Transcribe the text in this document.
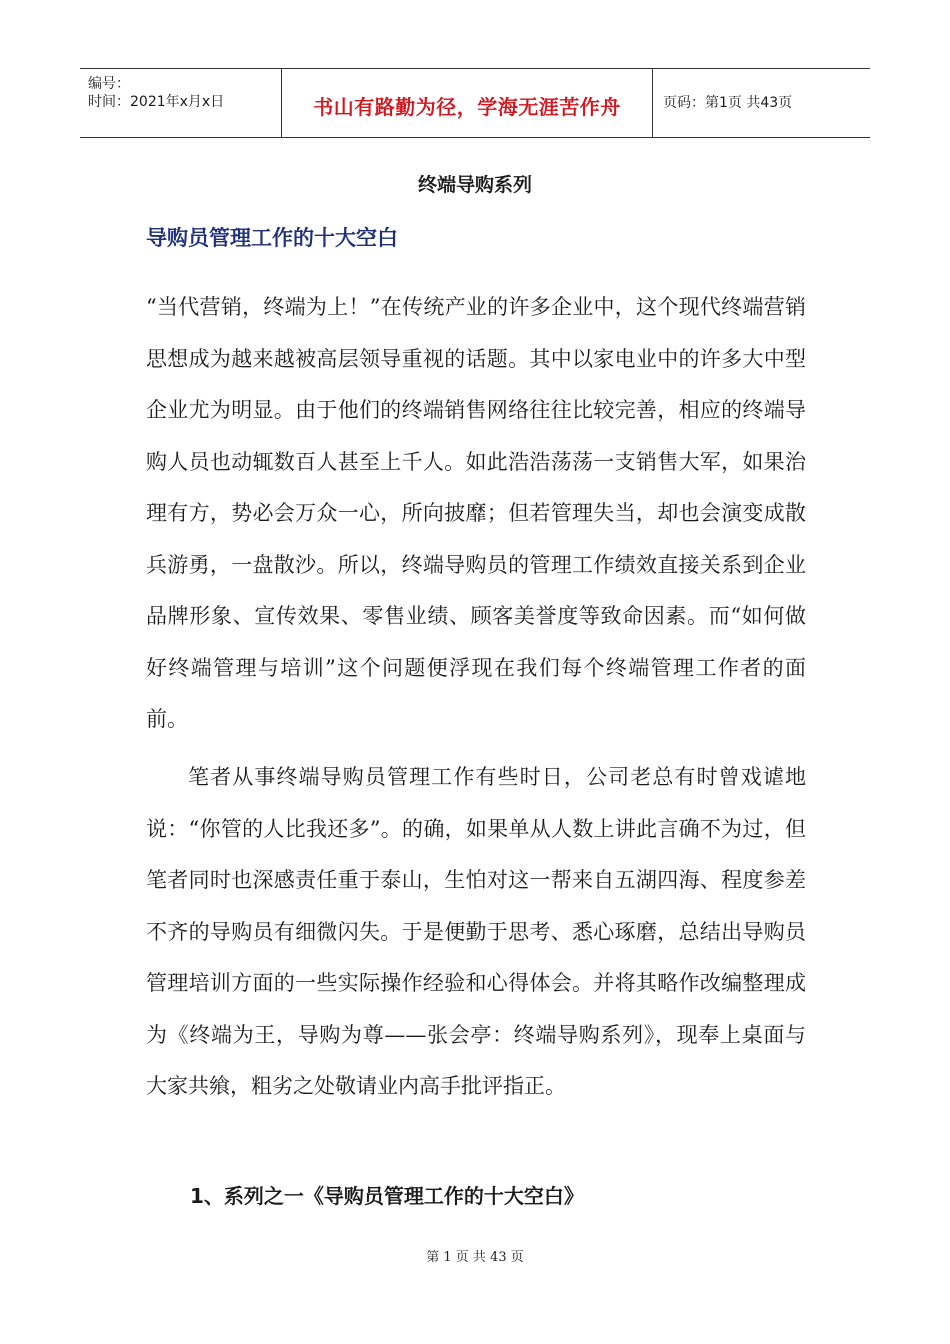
编号：
时间：2021年x月x日	书山有路勤为径，学海无涯苦作舟	页码：第1页 共43页
终端导购系列
导购员管理工作的十大空白
“当代营销，终端为上！”在传统产业的许多企业中，这个现代终端营销思想成为越来越被高层领导重视的话题。其中以家电业中的许多大中型企业尤为明显。由于他们的终端销售网络往往比较完善，相应的终端导购人员也动辄数百人甚至上千人。如此浩浩荡荡一支销售大军，如果治理有方，势必会万众一心，所向披靡；但若管理失当，却也会演变成散兵游勇，一盘散沙。所以，终端导购员的管理工作绩效直接关系到企业品牌形象、宣传效果、零售业绩、顾客美誉度等致命因素。而“如何做好终端管理与培训”这个问题便浮现在我们每个终端管理工作者的面前。
笔者从事终端导购员管理工作有些时日，公司老总有时曾戏谑地说：“你管的人比我还多”。的确，如果单从人数上讲此言确不为过，但笔者同时也深感责任重于泰山，生怕对这一帮来自五湖四海、程度参差不齐的导购员有细微闪失。于是便勤于思考、悉心琢磨，总结出导购员管理培训方面的一些实际操作经验和心得体会。并将其略作改编整理成为《终端为王，导购为尊——张会亭：终端导购系列》，现奉上桌面与大家共飨，粗劣之处敬请业内高手批评指正。
1、系列之一《导购员管理工作的十大空白》
第 1 页 共 43 页
